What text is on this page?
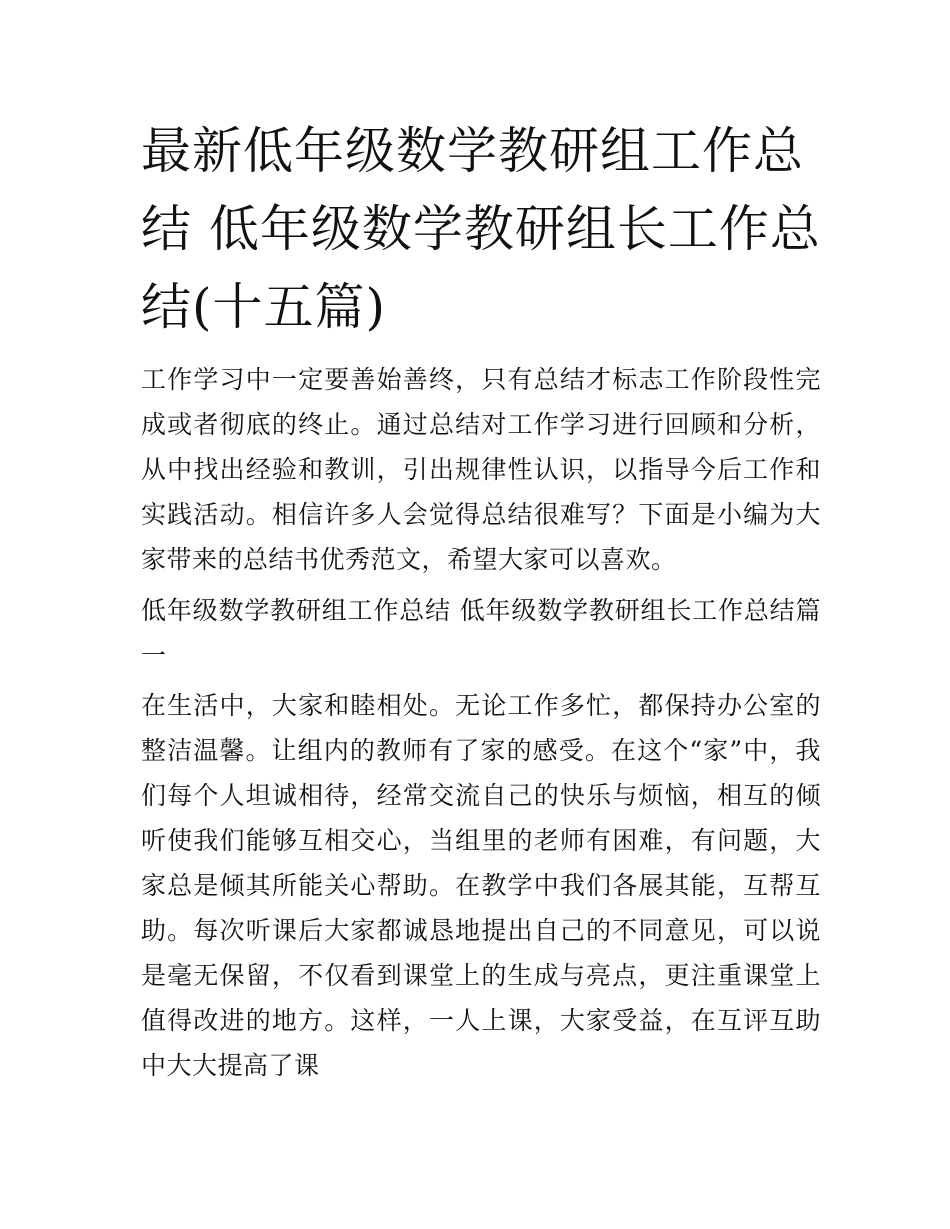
最新低年级数学教研组工作总结 低年级数学教研组长工作总结(十五篇)

工作学习中一定要善始善终，只有总结才标志工作阶段性完成或者彻底的终止。通过总结对工作学习进行回顾和分析，从中找出经验和教训，引出规律性认识，以指导今后工作和实践活动。相信许多人会觉得总结很难写？下面是小编为大家带来的总结书优秀范文，希望大家可以喜欢。

低年级数学教研组工作总结 低年级数学教研组长工作总结篇一

在生活中，大家和睦相处。无论工作多忙，都保持办公室的整洁温馨。让组内的教师有了家的感受。在这个“家”中，我们每个人坦诚相待，经常交流自己的快乐与烦恼，相互的倾听使我们能够互相交心，当组里的老师有困难，有问题，大家总是倾其所能关心帮助。在教学中我们各展其能，互帮互助。每次听课后大家都诚恳地提出自己的不同意见，可以说是毫无保留，不仅看到课堂上的生成与亮点，更注重课堂上值得改进的地方。这样，一人上课，大家受益，在互评互助中大大提高了课
